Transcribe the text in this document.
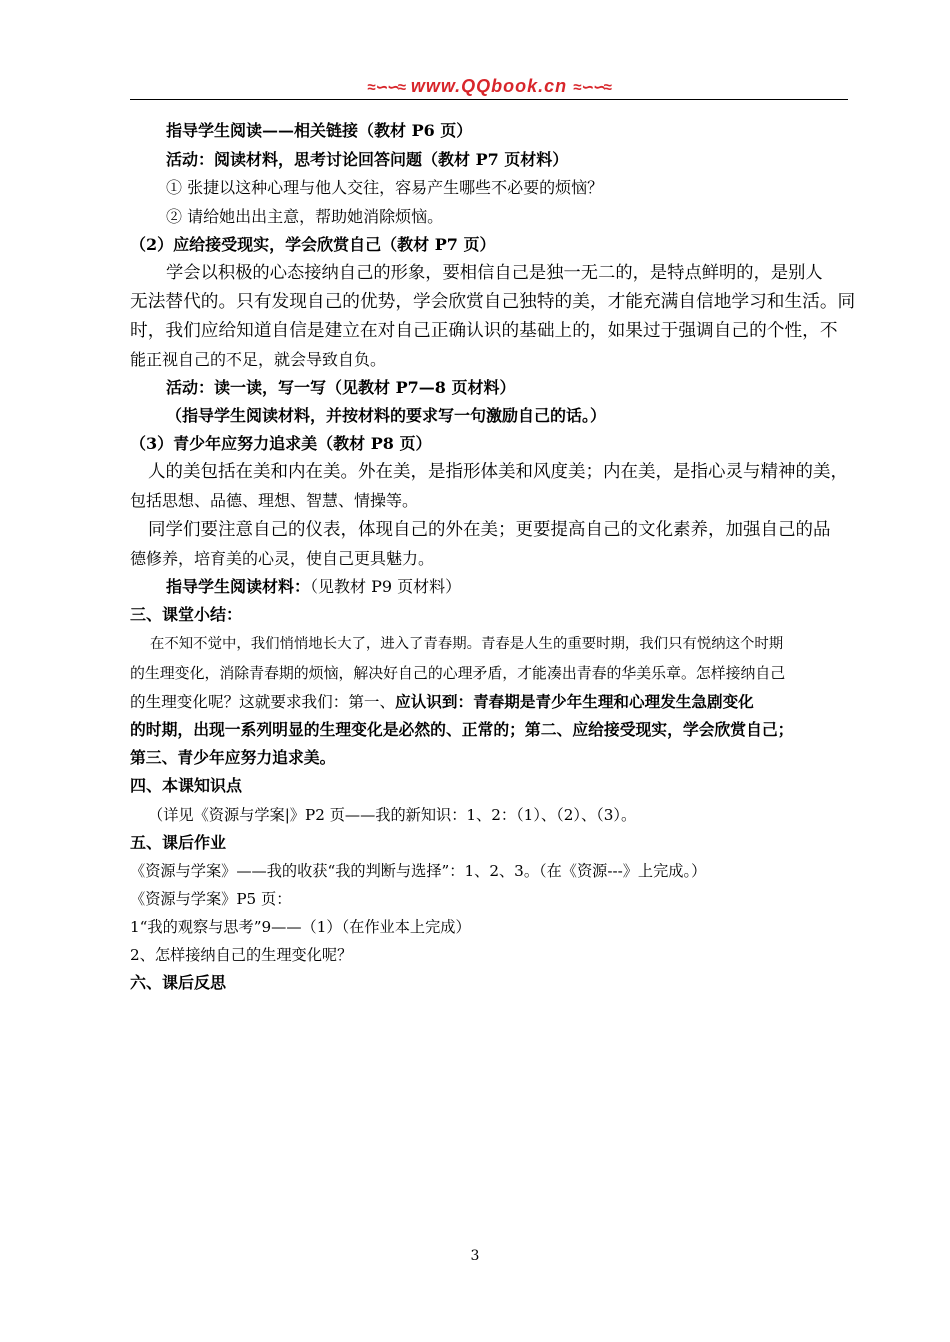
≈∽∽≈ www.QQbook.cn ≈∽∽≈
指导学生阅读——相关链接（教材 P6 页）
活动：阅读材料，思考讨论回答问题（教材 P7 页材料）
① 张捷以这种心理与他人交往，容易产生哪些不必要的烦恼？
② 请给她出出主意，帮助她消除烦恼。
（2）应给接受现实，学会欣赏自己（教材 P7 页）
学会以积极的心态接纳自己的形象，要相信自己是独一无二的，是特点鲜明的，是别人
无法替代的。只有发现自己的优势，学会欣赏自己独特的美，才能充满自信地学习和生活。同
时，我们应给知道自信是建立在对自己正确认识的基础上的，如果过于强调自己的个性，不
能正视自己的不足，就会导致自负。
活动：读一读，写一写（见教材 P7—8 页材料）
（指导学生阅读材料，并按材料的要求写一句激励自己的话。）
（3）青少年应努力追求美（教材 P8 页）
人的美包括在美和内在美。外在美，是指形体美和风度美；内在美，是指心灵与精神的美，
包括思想、品德、理想、智慧、情操等。
同学们要注意自己的仪表，体现自己的外在美；更要提高自己的文化素养，加强自己的品
德修养，培育美的心灵，使自己更具魅力。
指导学生阅读材料：（见教材 P9 页材料）
三、课堂小结：
在不知不觉中，我们悄悄地长大了，进入了青春期。青春是人生的重要时期，我们只有悦纳这个时期
的生理变化，消除青春期的烦恼，解决好自己的心理矛盾，才能凑出青春的华美乐章。怎样接纳自己
的生理变化呢？这就要求我们：第一、应认识到：青春期是青少年生理和心理发生急剧变化
的时期，出现一系列明显的生理变化是必然的、正常的；第二、应给接受现实，学会欣赏自己；
第三、青少年应努力追求美。
四、本课知识点
（详见《资源与学案|》P2 页——我的新知识：1、2：（1）、（2）、（3）。
五、课后作业
《资源与学案》——我的收获“我的判断与选择”：1、2、3。（在《资源---》上完成。）
《资源与学案》P5 页：
1“我的观察与思考”9——（1）（在作业本上完成）
2、怎样接纳自己的生理变化呢？
六、课后反思
3
